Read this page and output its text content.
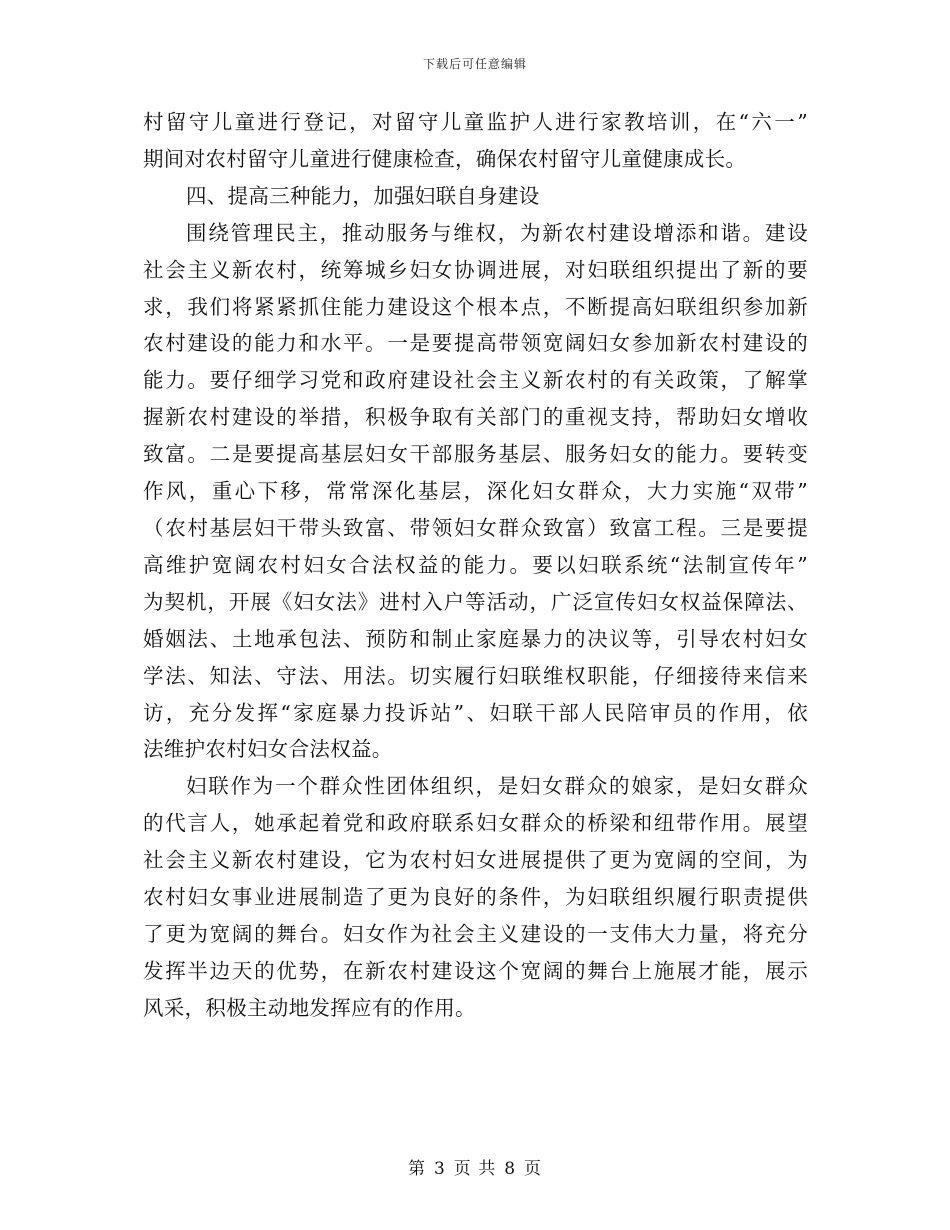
下载后可任意编辑
村留守儿童进行登记，对留守儿童监护人进行家教培训，在“六一”
期间对农村留守儿童进行健康检查，确保农村留守儿童健康成长。
四、提高三种能力，加强妇联自身建设
围绕管理民主，推动服务与维权，为新农村建设增添和谐。建设
社会主义新农村，统筹城乡妇女协调进展，对妇联组织提出了新的要
求，我们将紧紧抓住能力建设这个根本点，不断提高妇联组织参加新
农村建设的能力和水平。一是要提高带领宽阔妇女参加新农村建设的
能力。要仔细学习党和政府建设社会主义新农村的有关政策，了解掌
握新农村建设的举措，积极争取有关部门的重视支持，帮助妇女增收
致富。二是要提高基层妇女干部服务基层、服务妇女的能力。要转变
作风，重心下移，常常深化基层，深化妇女群众，大力实施“双带”
（农村基层妇干带头致富、带领妇女群众致富）致富工程。三是要提
高维护宽阔农村妇女合法权益的能力。要以妇联系统“法制宣传年”
为契机，开展《妇女法》进村入户等活动，广泛宣传妇女权益保障法、
婚姻法、土地承包法、预防和制止家庭暴力的决议等，引导农村妇女
学法、知法、守法、用法。切实履行妇联维权职能，仔细接待来信来
访，充分发挥“家庭暴力投诉站”、妇联干部人民陪审员的作用，依
法维护农村妇女合法权益。
妇联作为一个群众性团体组织，是妇女群众的娘家，是妇女群众
的代言人，她承起着党和政府联系妇女群众的桥梁和纽带作用。展望
社会主义新农村建设，它为农村妇女进展提供了更为宽阔的空间，为
农村妇女事业进展制造了更为良好的条件，为妇联组织履行职责提供
了更为宽阔的舞台。妇女作为社会主义建设的一支伟大力量，将充分
发挥半边天的优势，在新农村建设这个宽阔的舞台上施展才能，展示
风采，积极主动地发挥应有的作用。
第 3 页 共 8 页
